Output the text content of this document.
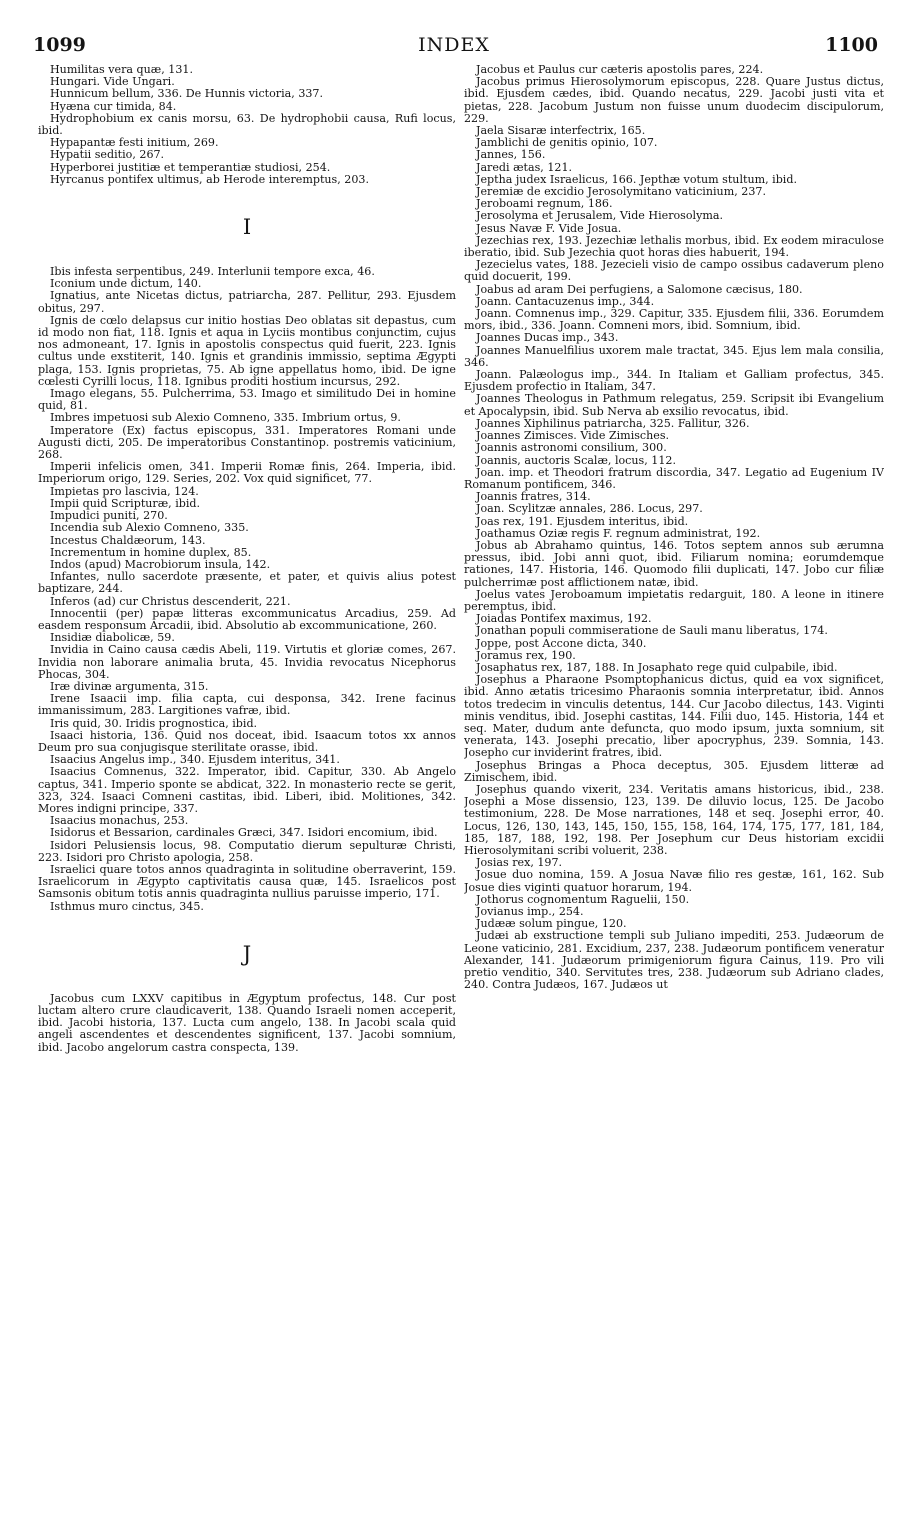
1099	INDEX	1100

Humilitas vera quæ, 131.

Hungari. Vide Ungari.

Hunnicum bellum, 336. De Hunnis victoria, 337.

Hyæna cur timida, 84.

Hydrophobium ex canis morsu, 63. De hydrophobii causa, Rufi locus, ibid.

Hypapantæ festi initium, 269.

Hypatii seditio, 267.

Hyperborei justitiæ et temperantiæ studiosi, 254.

Hyrcanus pontifex ultimus, ab Herode interemptus, 203.

I

Ibis infesta serpentibus, 249. Interlunii tempore exca, 46.

Iconium unde dictum, 140.

Ignatius, ante Nicetas dictus, patriarcha, 287. Pellitur, 293. Ejusdem obitus, 297.

Ignis de cœlo delapsus cur initio hostias Deo oblatas sit depastus, cum id modo non fiat, 118. Ignis et aqua in Lyciis montibus conjunctim, cujus nos admoneant, 17. Ignis in apostolis conspectus quid fuerit, 223. Ignis cultus unde exstiterit, 140. Ignis et grandinis immissio, septima Ægypti plaga, 153. Ignis proprietas, 75. Ab igne appellatus homo, ibid. De igne cœlesti Cyrilli locus, 118. Ignibus proditi hostium incursus, 292.

Imago elegans, 55. Pulcherrima, 53. Imago et similitudo Dei in homine quid, 81.

Imbres impetuosi sub Alexio Comneno, 335. Imbrium ortus, 9.

Imperatore (Ex) factus episcopus, 331. Imperatores Romani unde Augusti dicti, 205. De imperatoribus Constantinop. postremis vaticinium, 268.

Imperii infelicis omen, 341. Imperii Romæ finis, 264. Imperia, ibid. Imperiorum origo, 129. Series, 202. Vox quid significet, 77.

Impietas pro lascivia, 124.

Impii quid Scripturæ, ibid.

Impudici puniti, 270.

Incendia sub Alexio Comneno, 335.

Incestus Chaldæorum, 143.

Incrementum in homine duplex, 85.

Indos (apud) Macrobiorum insula, 142.

Infantes, nullo sacerdote præsente, et pater, et quivis alius potest baptizare, 244.

Inferos (ad) cur Christus descenderit, 221.

Innocentii (per) papæ litteras excommunicatus Arcadius, 259. Ad easdem responsum Arcadii, ibid. Absolutio ab excommunicatione, 260.

Insidiæ diabolicæ, 59.

Invidia in Caino causa cædis Abeli, 119. Virtutis et gloriæ comes, 267. Invidia non laborare animalia bruta, 45. Invidia revocatus Nicephorus Phocas, 304.

Iræ divinæ argumenta, 315.

Irene Isaacii imp. filia capta, cui desponsa, 342. Irene facinus immanissimum, 283. Largitiones vafræ, ibid.

Iris quid, 30. Iridis prognostica, ibid.

Isaaci historia, 136. Quid nos doceat, ibid. Isaacum totos xx annos Deum pro sua conjugisque sterilitate orasse, ibid.

Isaacius Angelus imp., 340. Ejusdem interitus, 341.

Isaacius Comnenus, 322. Imperator, ibid. Capitur, 330. Ab Angelo captus, 341. Imperio sponte se abdicat, 322. In monasterio recte se gerit, 323, 324. Isaaci Comneni castitas, ibid. Liberi, ibid. Molitiones, 342. Mores indigni principe, 337.

Isaacius monachus, 253.

Isidorus et Bessarion, cardinales Græci, 347. Isidori encomium, ibid.

Isidori Pelusiensis locus, 98. Computatio dierum sepulturæ Christi, 223. Isidori pro Christo apologia, 258.

Israelici quare totos annos quadraginta in solitudine oberraverint, 159. Israelicorum in Ægypto captivitatis causa quæ, 145. Israelicos post Samsonis obitum totis annis quadraginta nullius paruisse imperio, 171.

Isthmus muro cinctus, 345.

J

Jacobus cum LXXV capitibus in Ægyptum profectus, 148. Cur post luctam altero crure claudicaverit, 138. Quando Israeli nomen acceperit, ibid. Jacobi historia, 137. Lucta cum angelo, 138. In Jacobi scala quid angeli ascendentes et descendentes significent, 137. Jacobi somnium, ibid. Jacobo angelorum castra conspecta, 139.

Jacobus et Paulus cur cæteris apostolis pares, 224.

Jacobus primus Hierosolymorum episcopus, 228. Quare Justus dictus, ibid. Ejusdem cædes, ibid. Quando necatus, 229. Jacobi justi vita et pietas, 228. Jacobum Justum non fuisse unum duodecim discipulorum, 229.

Jaela Sisaræ interfectrix, 165.

Jamblichi de genitis opinio, 107.

Jannes, 156.

Jaredi ætas, 121.

Jeptha judex Israelicus, 166. Jepthæ votum stultum, ibid.

Jeremiæ de excidio Jerosolymitano vaticinium, 237.

Jeroboami regnum, 186.

Jerosolyma et Jerusalem, Vide Hierosolyma.

Jesus Navæ F. Vide Josua.

Jezechias rex, 193. Jezechiæ lethalis morbus, ibid. Ex eodem miraculose iberatio, ibid. Sub Jezechia quot horas dies habuerit, 194.

Jezecielus vates, 188. Jezecieli visio de campo ossibus cadaverum pleno quid docuerit, 199.

Joabus ad aram Dei perfugiens, a Salomone cæcisus, 180.

Joann. Cantacuzenus imp., 344.

Joann. Comnenus imp., 329. Capitur, 335. Ejusdem filii, 336. Eorumdem mors, ibid., 336. Joann. Comneni mors, ibid. Somnium, ibid.

Joannes Ducas imp., 343.

Joannes Manuelfilius uxorem male tractat, 345. Ejus lem mala consilia, 346.

Joann. Palæologus imp., 344. In Italiam et Galliam profectus, 345. Ejusdem profectio in Italiam, 347.

Joannes Theologus in Pathmum relegatus, 259. Scripsit ibi Evangelium et Apocalypsin, ibid. Sub Nerva ab exsilio revocatus, ibid.

Joannes Xiphilinus patriarcha, 325. Fallitur, 326.

Joannes Zimisces. Vide Zimisches.

Joannis astronomi consilium, 300.

Joannis, auctoris Scalæ, locus, 112.

Joan. imp. et Theodori fratrum discordia, 347. Legatio ad Eugenium IV Romanum pontificem, 346.

Joannis fratres, 314.

Joan. Scylitzæ annales, 286. Locus, 297.

Joas rex, 191. Ejusdem interitus, ibid.

Joathamus Oziæ regis F. regnum administrat, 192.

Jobus ab Abrahamo quintus, 146. Totos septem annos sub ærumna pressus, ibid. Jobi anni quot, ibid. Filiarum nomina; eorumdemque rationes, 147. Historia, 146. Quomodo filii duplicati, 147. Jobo cur filiæ pulcherrimæ post afflictionem natæ, ibid.

Joelus vates Jeroboamum impietatis redarguit, 180. A leone in itinere peremptus, ibid.

Joiadas Pontifex maximus, 192.

Jonathan populi commiseratione de Sauli manu liberatus, 174.

Joppe, post Accone dicta, 340.

Joramus rex, 190.

Josaphatus rex, 187, 188. In Josaphato rege quid culpabile, ibid.

Josephus a Pharaone Psomptophanicus dictus, quid ea vox significet, ibid. Anno ætatis tricesimo Pharaonis somnia interpretatur, ibid. Annos totos tredecim in vinculis detentus, 144. Cur Jacobo dilectus, 143. Viginti minis venditus, ibid. Josephi castitas, 144. Filii duo, 145. Historia, 144 et seq. Mater, dudum ante defuncta, quo modo ipsum, juxta somnium, sit venerata, 143. Josephi precatio, liber apocryphus, 239. Somnia, 143. Josepho cur inviderint fratres, ibid.

Josephus Bringas a Phoca deceptus, 305. Ejusdem litteræ ad Zimischem, ibid.

Josephus quando vixerit, 234. Veritatis amans historicus, ibid., 238. Josephi a Mose dissensio, 123, 139. De diluvio locus, 125. De Jacobo testimonium, 228. De Mose narrationes, 148 et seq. Josephi error, 40. Locus, 126, 130, 143, 145, 150, 155, 158, 164, 174, 175, 177, 181, 184, 185, 187, 188, 192, 198. Per Josephum cur Deus historiam excidii Hierosolymitani scribi voluerit, 238.

Josias rex, 197.

Josue duo nomina, 159. A Josua Navæ filio res gestæ, 161, 162. Sub Josue dies viginti quatuor horarum, 194.

Jothorus cognomentum Raguelii, 150.

Jovianus imp., 254.

Judææ solum pingue, 120.

Judæi ab exstructione templi sub Juliano impediti, 253. Judæorum de Leone vaticinio, 281. Excidium, 237, 238. Judæorum pontificem veneratur Alexander, 141. Judæorum primigeniorum figura Cainus, 119. Pro vili pretio venditio, 340. Servitutes tres, 238. Judæorum sub Adriano clades, 240. Contra Judæos, 167. Judæos ut
